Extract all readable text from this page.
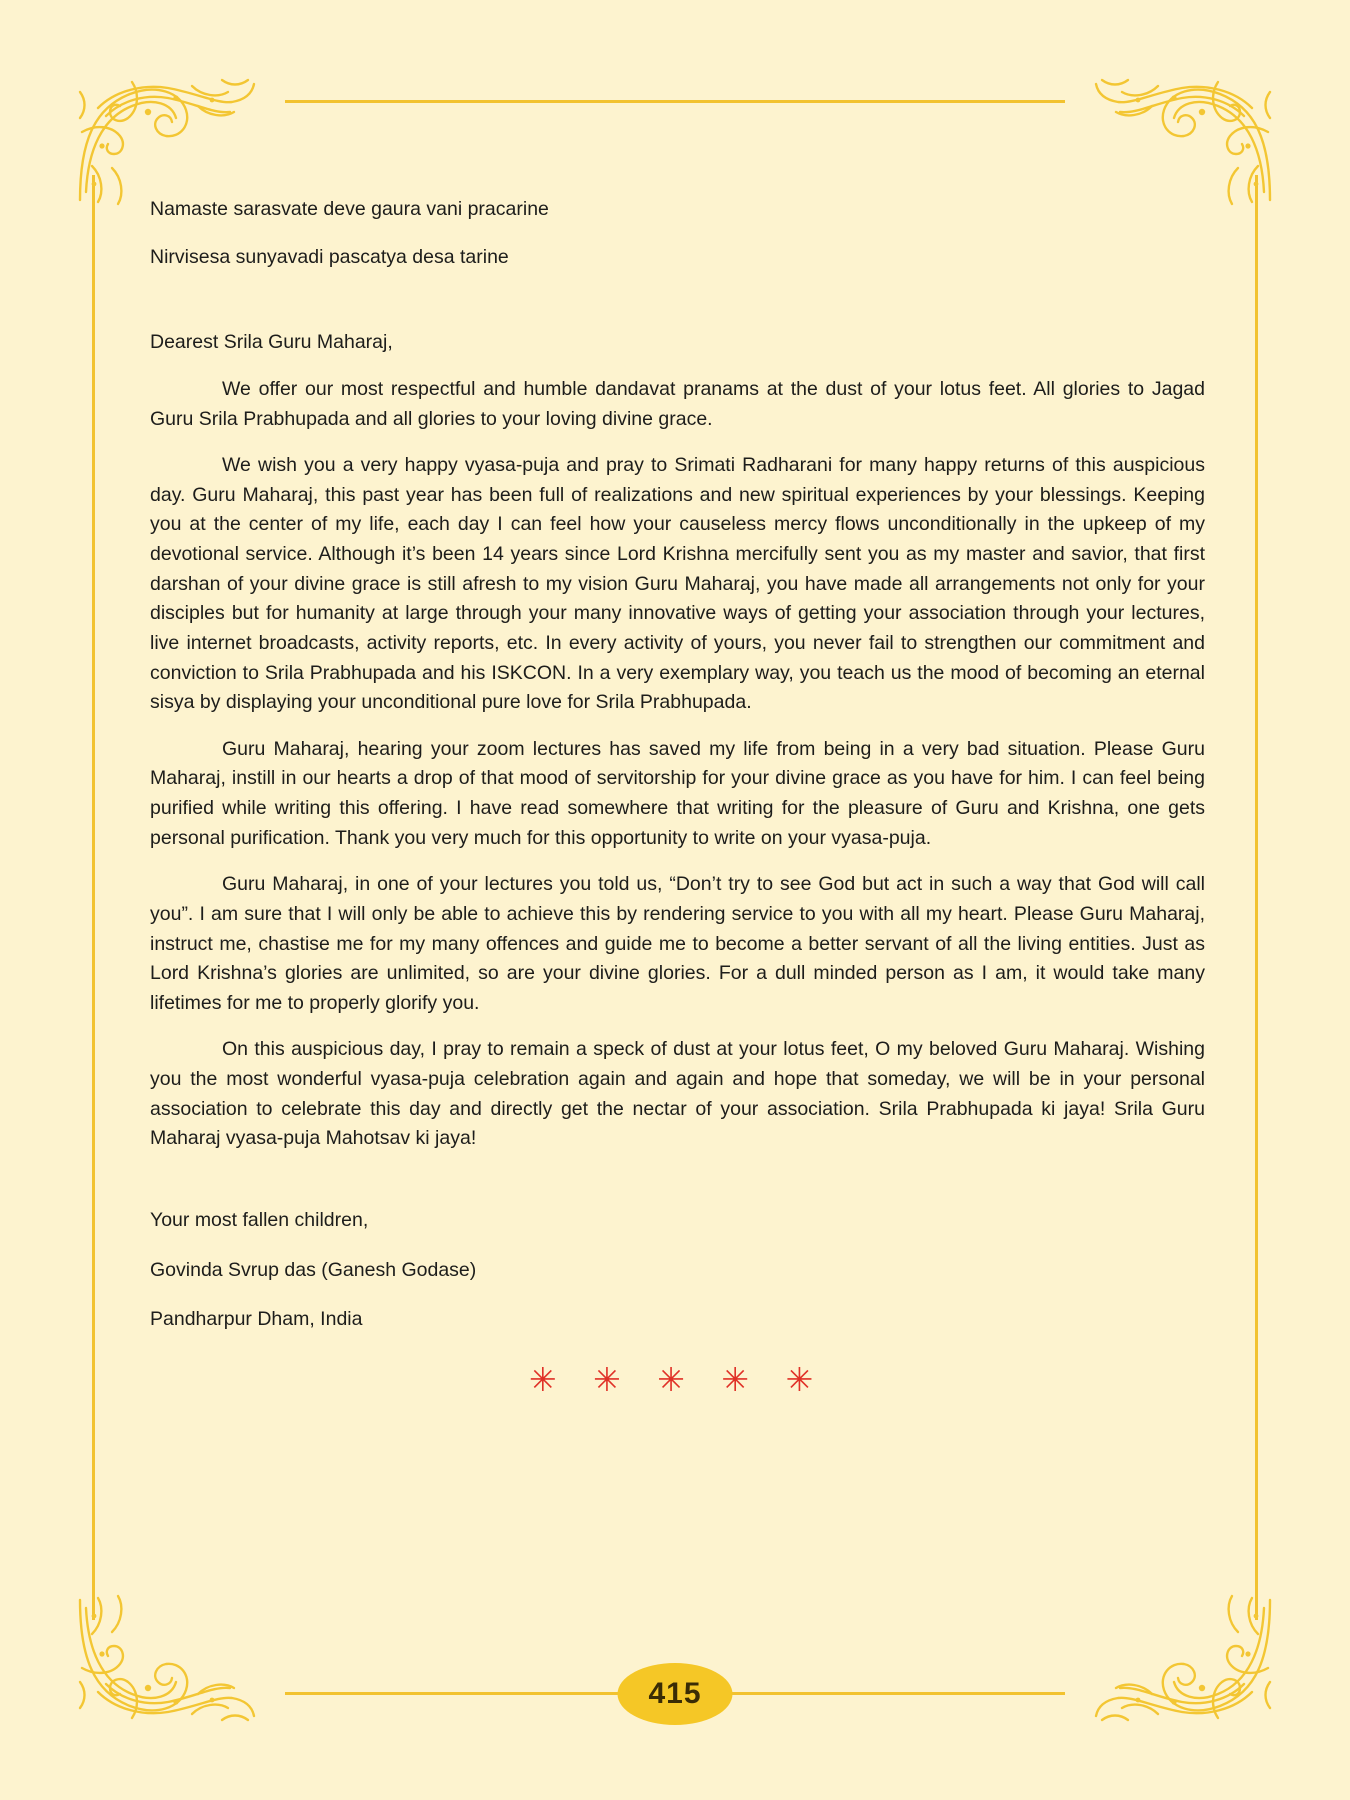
Namaste sarasvate deve gaura vani pracarine
Nirvisesa sunyavadi pascatya desa tarine
Dearest Srila Guru Maharaj,

We offer our most respectful and humble dandavat pranams at the dust of your lotus feet. All glories to Jagad Guru Srila Prabhupada and all glories to your loving divine grace.

We wish you a very happy vyasa-puja and pray to Srimati Radharani for many happy returns of this auspicious day. Guru Maharaj, this past year has been full of realizations and new spiritual experiences by your blessings. Keeping you at the center of my life, each day I can feel how your causeless mercy flows unconditionally in the upkeep of my devotional service. Although it’s been 14 years since Lord Krishna mercifully sent you as my master and savior, that first darshan of your divine grace is still afresh to my vision Guru Maharaj, you have made all arrangements not only for your disciples but for humanity at large through your many innovative ways of getting your association through your lectures, live internet broadcasts, activity reports, etc. In every activity of yours, you never fail to strengthen our commitment and conviction to Srila Prabhupada and his ISKCON. In a very exemplary way, you teach us the mood of becoming an eternal sisya by displaying your unconditional pure love for Srila Prabhupada.

Guru Maharaj, hearing your zoom lectures has saved my life from being in a very bad situation. Please Guru Maharaj, instill in our hearts a drop of that mood of servitorship for your divine grace as you have for him. I can feel being purified while writing this offering. I have read somewhere that writing for the pleasure of Guru and Krishna, one gets personal purification. Thank you very much for this opportunity to write on your vyasa-puja.

Guru Maharaj, in one of your lectures you told us, “Don’t try to see God but act in such a way that God will call you”. I am sure that I will only be able to achieve this by rendering service to you with all my heart. Please Guru Maharaj, instruct me, chastise me for my many offences and guide me to become a better servant of all the living entities. Just as Lord Krishna’s glories are unlimited, so are your divine glories. For a dull minded person as I am, it would take many lifetimes for me to properly glorify you.

On this auspicious day, I pray to remain a speck of dust at your lotus feet, O my beloved Guru Maharaj. Wishing you the most wonderful vyasa-puja celebration again and again and hope that someday, we will be in your personal association to celebrate this day and directly get the nectar of your association. Srila Prabhupada ki jaya! Srila Guru Maharaj vyasa-puja Mahotsav ki jaya!

Your most fallen children,
Govinda Svrup das (Ganesh Godase)
Pandharpur Dham, India
✳ ✳ ✳ ✳ ✳
415
